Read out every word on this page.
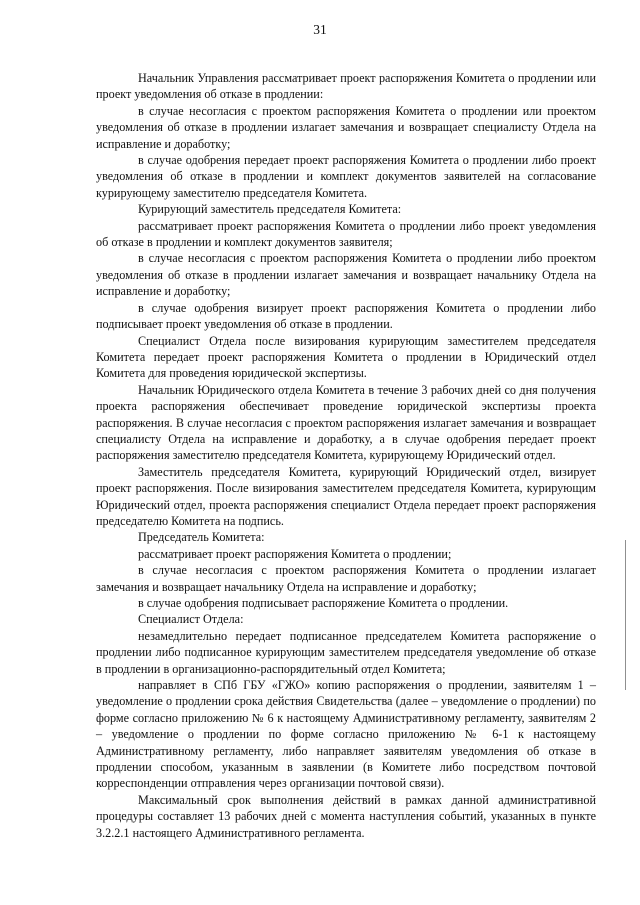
31

Начальник Управления рассматривает проект распоряжения Комитета о продлении или проект уведомления об отказе в продлении:

в случае несогласия с проектом распоряжения Комитета о продлении или проектом уведомления об отказе в продлении излагает замечания и возвращает специалисту Отдела на исправление и доработку;

в случае одобрения передает проект распоряжения Комитета о продлении либо проект уведомления об отказе в продлении и комплект документов заявителей на согласование курирующему заместителю председателя Комитета.

Курирующий заместитель председателя Комитета:

рассматривает проект распоряжения Комитета о продлении либо проект уведомления об отказе в продлении и комплект документов заявителя;

в случае несогласия с проектом распоряжения Комитета о продлении либо проектом уведомления об отказе в продлении излагает замечания и возвращает начальнику Отдела на исправление и доработку;

в случае одобрения визирует проект распоряжения Комитета о продлении либо подписывает проект уведомления об отказе в продлении.

Специалист Отдела после визирования курирующим заместителем председателя Комитета передает проект распоряжения Комитета о продлении в Юридический отдел Комитета для проведения юридической экспертизы.

Начальник Юридического отдела Комитета в течение 3 рабочих дней со дня получения проекта распоряжения обеспечивает проведение юридической экспертизы проекта распоряжения. В случае несогласия с проектом распоряжения излагает замечания и возвращает специалисту Отдела на исправление и доработку, а в случае одобрения передает проект распоряжения заместителю председателя Комитета, курирующему Юридический отдел.

Заместитель председателя Комитета, курирующий Юридический отдел, визирует проект распоряжения. После визирования заместителем председателя Комитета, курирующим Юридический отдел, проекта распоряжения специалист Отдела передает проект распоряжения председателю Комитета на подпись.

Председатель Комитета:

рассматривает проект распоряжения Комитета о продлении;

в случае несогласия с проектом распоряжения Комитета о продлении излагает замечания и возвращает начальнику Отдела на исправление и доработку;

в случае одобрения подписывает распоряжение Комитета о продлении.

Специалист Отдела:

незамедлительно передает подписанное председателем Комитета распоряжение о продлении либо подписанное курирующим заместителем председателя уведомление об отказе в продлении в организационно-распорядительный отдел Комитета;

направляет в СПб ГБУ «ГЖО» копию распоряжения о продлении, заявителям 1 – уведомление о продлении срока действия Свидетельства (далее – уведомление о продлении) по форме согласно приложению № 6 к настоящему Административному регламенту, заявителям 2 – уведомление о продлении по форме согласно приложению № 6-1 к настоящему Административному регламенту, либо направляет заявителям уведомления об отказе в продлении способом, указанным в заявлении (в Комитете либо посредством почтовой корреспонденции отправления через организации почтовой связи).

Максимальный срок выполнения действий в рамках данной административной процедуры составляет 13 рабочих дней с момента наступления событий, указанных в пункте 3.2.2.1 настоящего Административного регламента.
